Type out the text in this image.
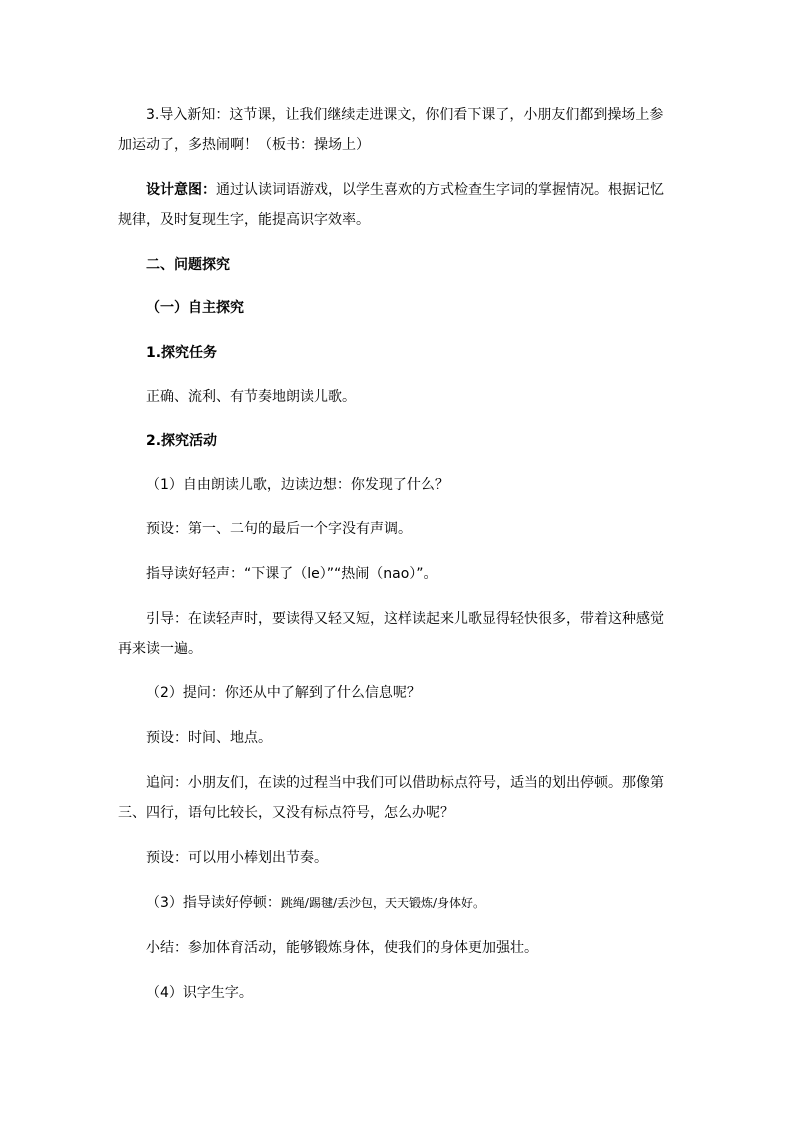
3.导入新知：这节课，让我们继续走进课文，你们看下课了，小朋友们都到操场上参加运动了，多热闹啊！（板书：操场上）
设计意图：通过认读词语游戏，以学生喜欢的方式检查生字词的掌握情况。根据记忆规律，及时复现生字，能提高识字效率。
二、问题探究
（一）自主探究
1.探究任务
正确、流利、有节奏地朗读儿歌。
2.探究活动
（1）自由朗读儿歌，边读边想：你发现了什么？
预设：第一、二句的最后一个字没有声调。
指导读好轻声：“下课了（le）”“热闹（nao）”。
引导：在读轻声时，要读得又轻又短，这样读起来儿歌显得轻快很多，带着这种感觉再来读一遍。
（2）提问：你还从中了解到了什么信息呢？
预设：时间、地点。
追问：小朋友们，在读的过程当中我们可以借助标点符号，适当的划出停顿。那像第三、四行，语句比较长，又没有标点符号，怎么办呢？
预设：可以用小棒划出节奏。
（3）指导读好停顿：跳绳/踢毽/丢沙包，天天锻炼/身体好。
小结：参加体育活动，能够锻炼身体，使我们的身体更加强壮。
（4）识字生字。
